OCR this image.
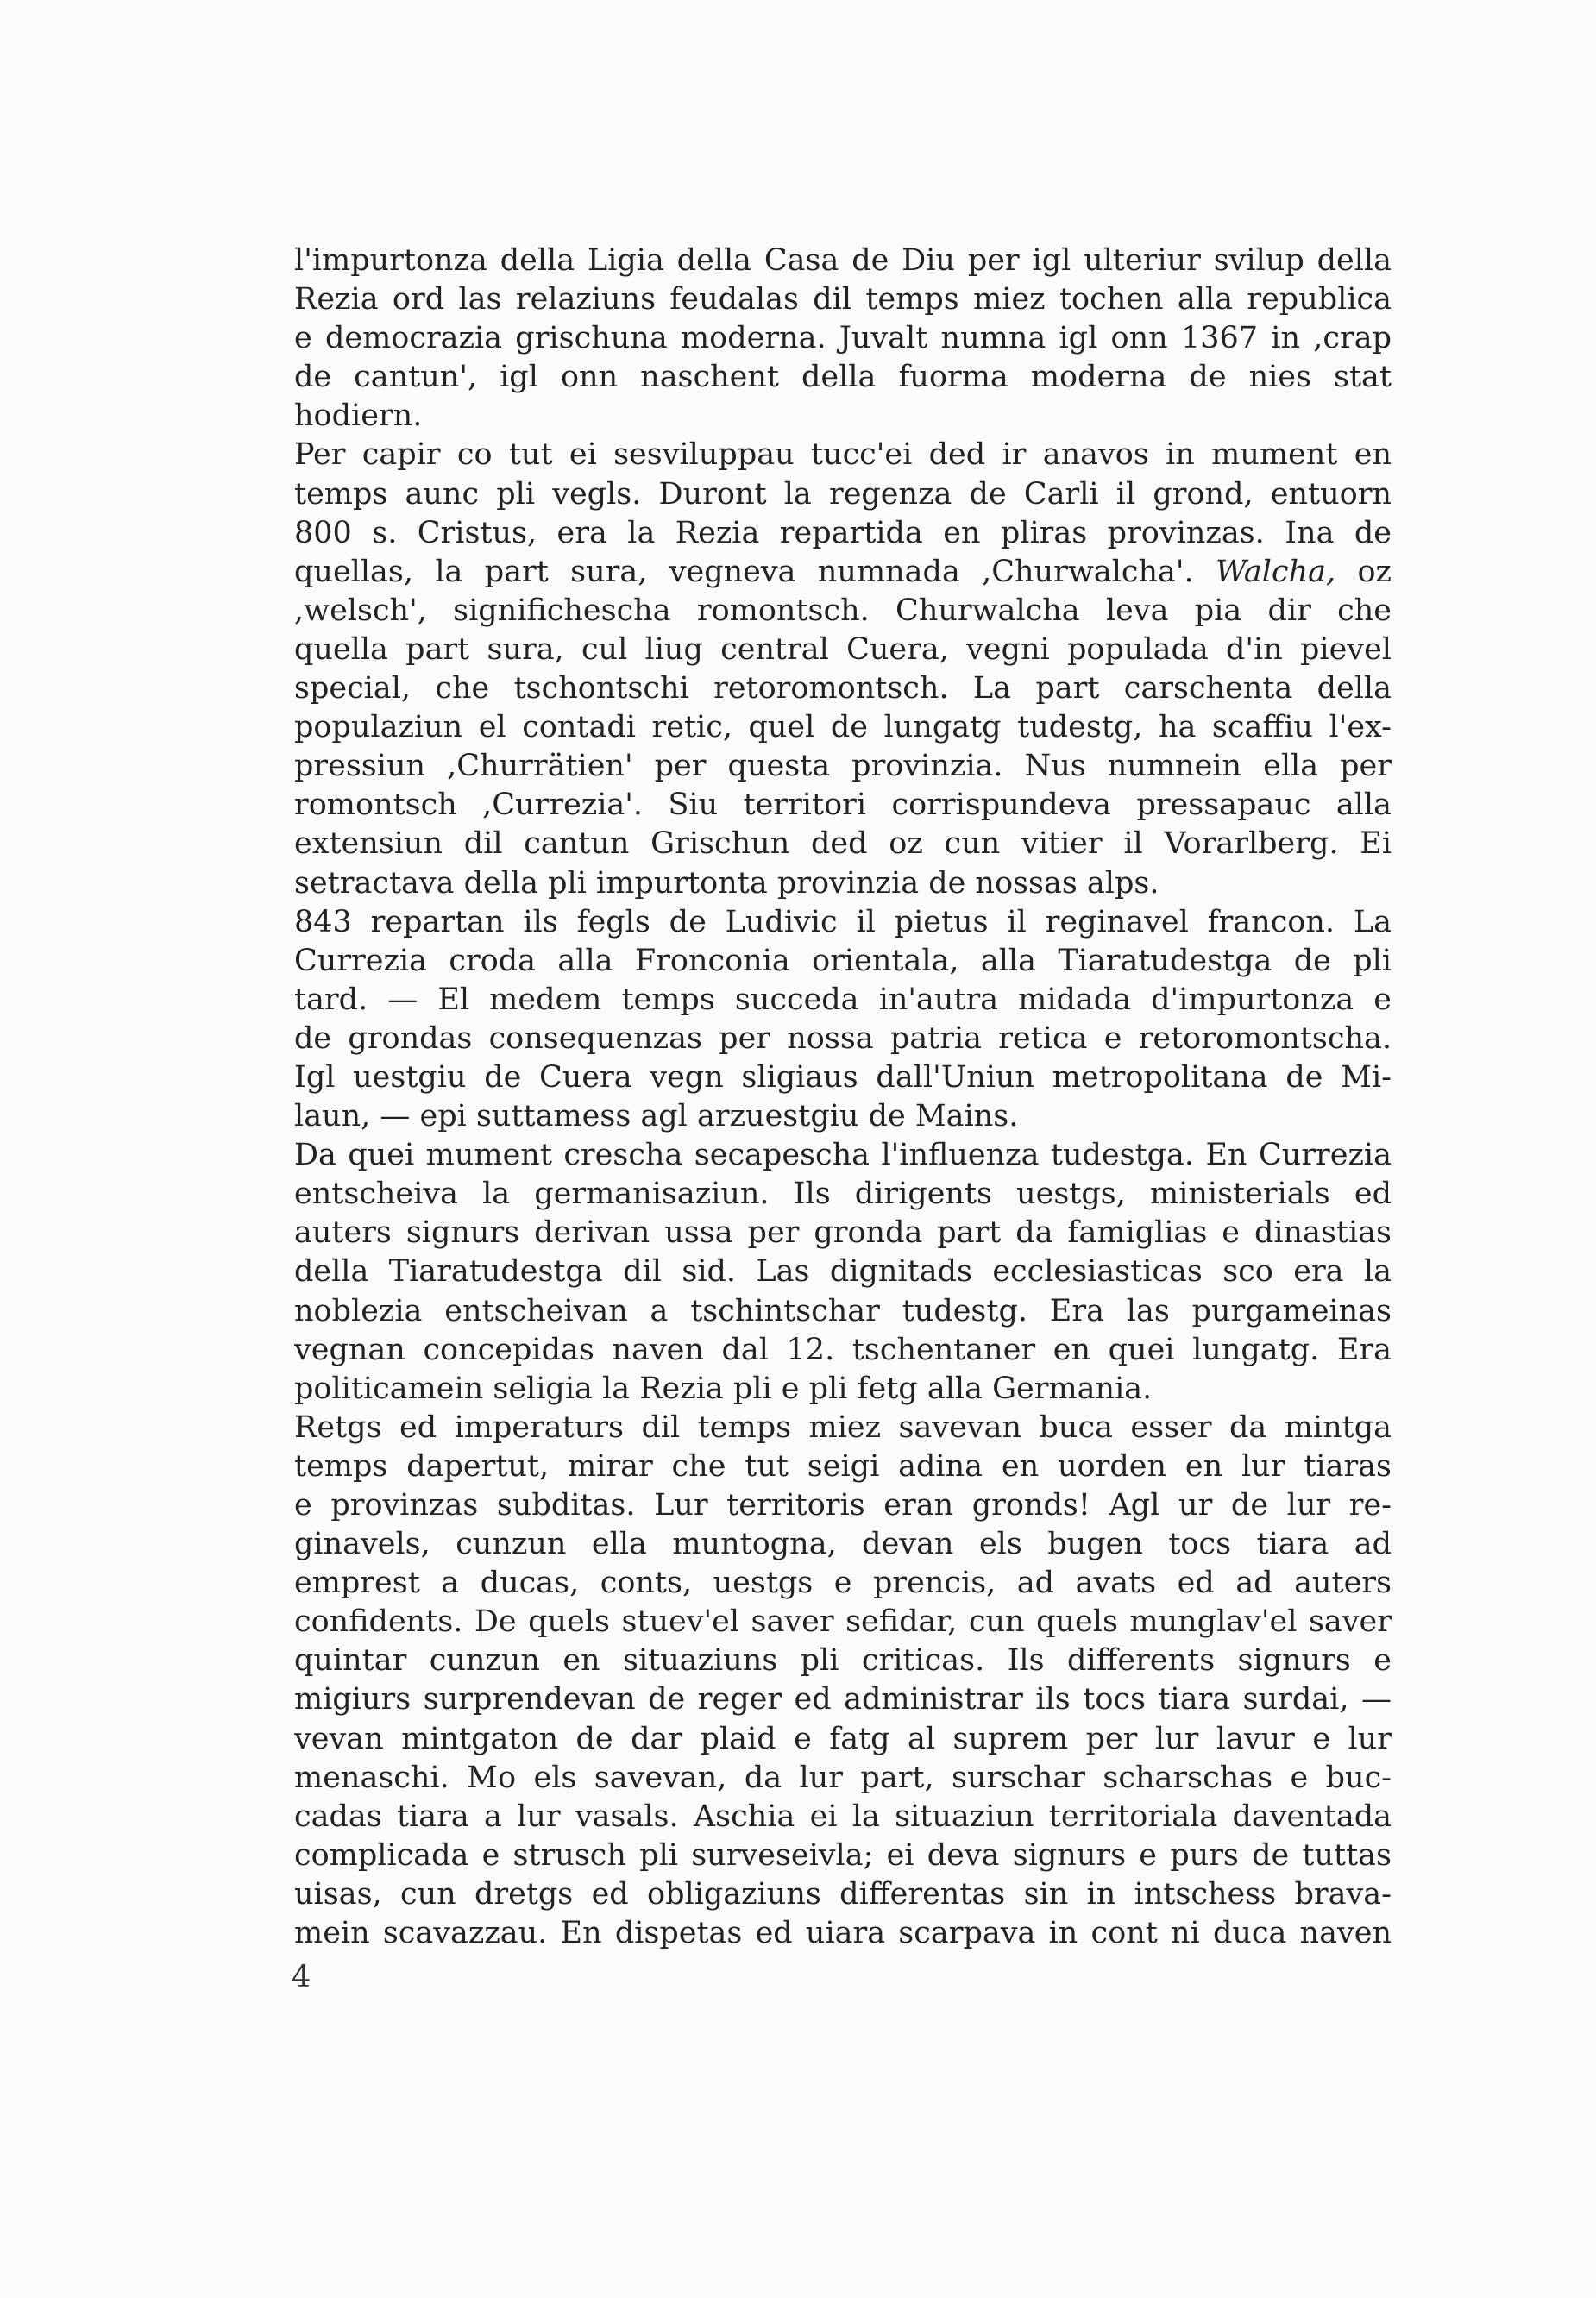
l'impurtonza della Ligia della Casa de Diu per igl ulteriur svilup della
Rezia ord las relaziuns feudalas dil temps miez tochen alla republica
e democrazia grischuna moderna. Juvalt numna igl onn 1367 in ,crap
de cantun', igl onn naschent della fuorma moderna de nies stat
hodiern.
Per capir co tut ei sesviluppau tucc'ei ded ir anavos in mument en
temps aunc pli vegls. Duront la regenza de Carli il grond, entuorn
800 s. Cristus, era la Rezia repartida en pliras provinzas. Ina de
quellas, la part sura, vegneva numnada ,Churwalcha'. Walcha, oz
,welsch', significhescha romontsch. Churwalcha leva pia dir che
quella part sura, cul liug central Cuera, vegni populada d'in pievel
special, che tschontschi retoromontsch. La part carschenta della
populaziun el contadi retic, quel de lungatg tudestg, ha scaffiu l'ex-
pressiun ,Churrätien' per questa provinzia. Nus numnein ella per
romontsch ,Currezia'. Siu territori corrispundeva pressapauc alla
extensiun dil cantun Grischun ded oz cun vitier il Vorarlberg. Ei
setractava della pli impurtonta provinzia de nossas alps.
843 repartan ils fegls de Ludivic il pietus il reginavel francon. La
Currezia croda alla Fronconia orientala, alla Tiaratudestga de pli
tard. — El medem temps succeda in'autra midada d'impurtonza e
de grondas consequenzas per nossa patria retica e retoromontscha.
Igl uestgiu de Cuera vegn sligiaus dall'Uniun metropolitana de Mi-
laun, — epi suttamess agl arzuestgiu de Mains.
Da quei mument crescha secapescha l'influenza tudestga. En Currezia
entscheiva la germanisaziun. Ils dirigents uestgs, ministerials ed
auters signurs derivan ussa per gronda part da famiglias e dinastias
della Tiaratudestga dil sid. Las dignitads ecclesiasticas sco era la
noblezia entscheivan a tschintschar tudestg. Era las purgameinas
vegnan concepidas naven dal 12. tschentaner en quei lungatg. Era
politicamein seligia la Rezia pli e pli fetg alla Germania.
Retgs ed imperaturs dil temps miez savevan buca esser da mintga
temps dapertut, mirar che tut seigi adina en uorden en lur tiaras
e provinzas subditas. Lur territoris eran gronds! Agl ur de lur re-
ginavels, cunzun ella muntogna, devan els bugen tocs tiara ad
emprest a ducas, conts, uestgs e prencis, ad avats ed ad auters
confidents. De quels stuev'el saver sefidar, cun quels munglav'el saver
quintar cunzun en situaziuns pli criticas. Ils differents signurs e
migiurs surprendevan de reger ed administrar ils tocs tiara surdai, —
vevan mintgaton de dar plaid e fatg al suprem per lur lavur e lur
menaschi. Mo els savevan, da lur part, surschar scharschas e buc-
cadas tiara a lur vasals. Aschia ei la situaziun territoriala daventada
complicada e strusch pli surveseivla; ei deva signurs e purs de tuttas
uisas, cun dretgs ed obligaziuns differentas sin in intschess brava-
mein scavazzau. En dispetas ed uiara scarpava in cont ni duca naven
4
